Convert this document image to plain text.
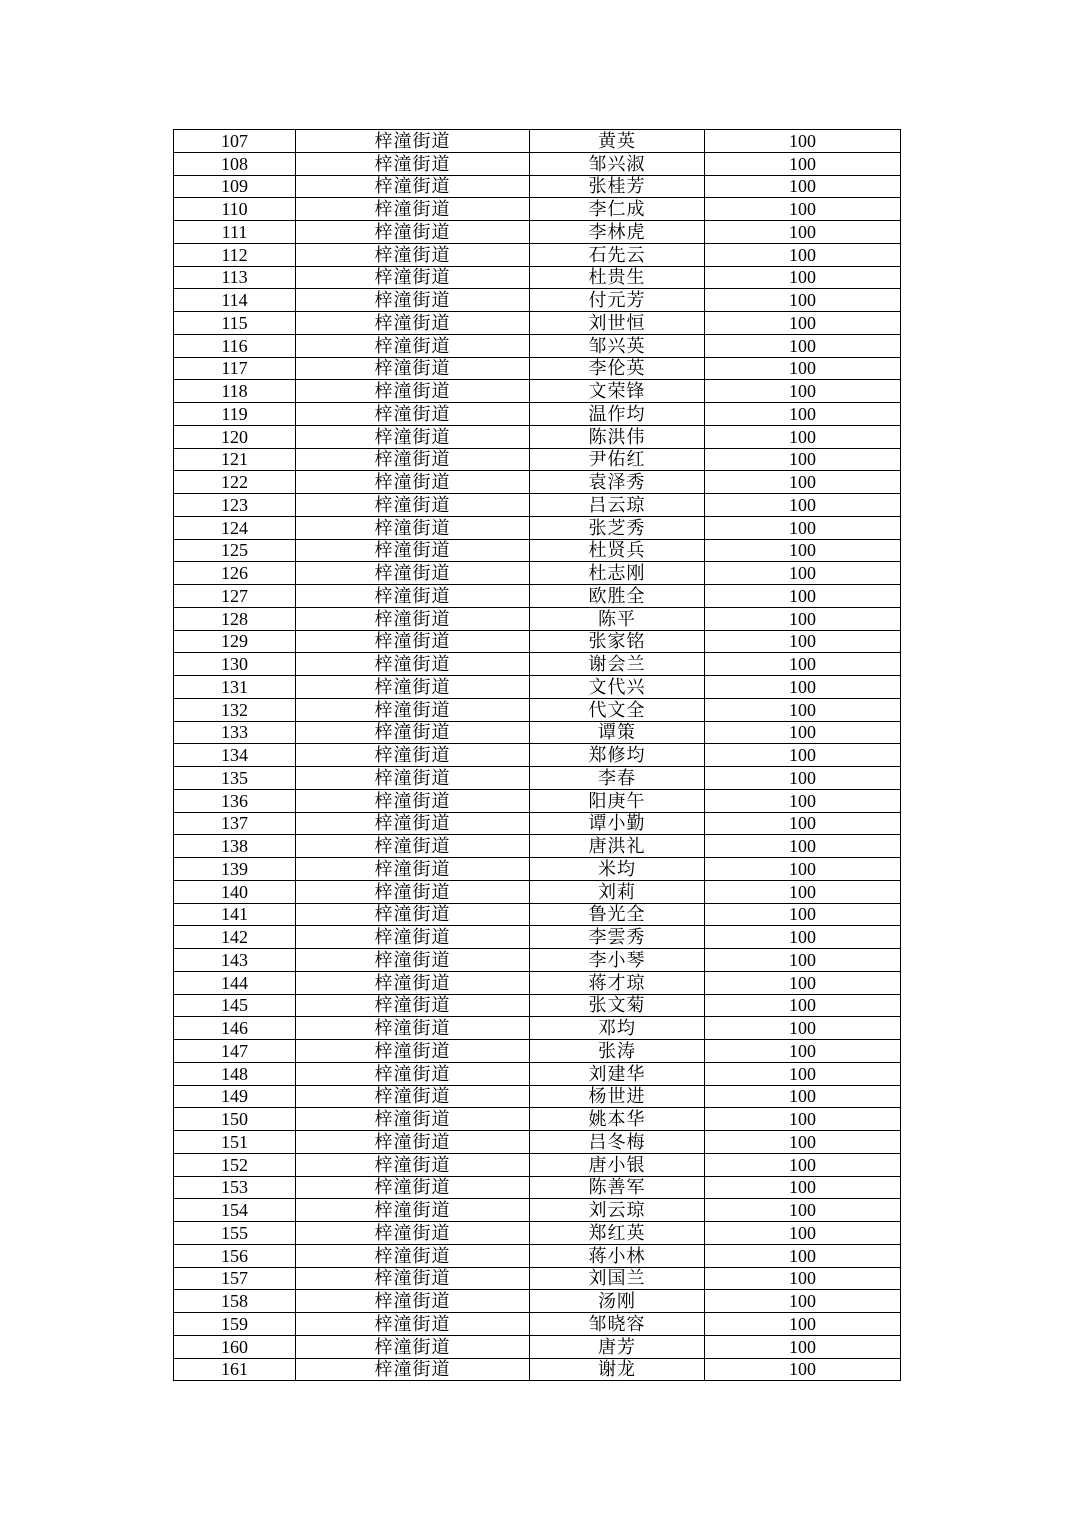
107	梓潼街道	黄英	100
108	梓潼街道	邹兴淑	100
109	梓潼街道	张桂芳	100
110	梓潼街道	李仁成	100
111	梓潼街道	李林虎	100
112	梓潼街道	石先云	100
113	梓潼街道	杜贵生	100
114	梓潼街道	付元芳	100
115	梓潼街道	刘世恒	100
116	梓潼街道	邹兴英	100
117	梓潼街道	李伦英	100
118	梓潼街道	文荣锋	100
119	梓潼街道	温作均	100
120	梓潼街道	陈洪伟	100
121	梓潼街道	尹佑红	100
122	梓潼街道	袁泽秀	100
123	梓潼街道	吕云琼	100
124	梓潼街道	张芝秀	100
125	梓潼街道	杜贤兵	100
126	梓潼街道	杜志刚	100
127	梓潼街道	欧胜全	100
128	梓潼街道	陈平	100
129	梓潼街道	张家铭	100
130	梓潼街道	谢会兰	100
131	梓潼街道	文代兴	100
132	梓潼街道	代文全	100
133	梓潼街道	谭策	100
134	梓潼街道	郑修均	100
135	梓潼街道	李春	100
136	梓潼街道	阳庚午	100
137	梓潼街道	谭小勤	100
138	梓潼街道	唐洪礼	100
139	梓潼街道	米均	100
140	梓潼街道	刘莉	100
141	梓潼街道	鲁光全	100
142	梓潼街道	李雲秀	100
143	梓潼街道	李小琴	100
144	梓潼街道	蒋才琼	100
145	梓潼街道	张文菊	100
146	梓潼街道	邓均	100
147	梓潼街道	张涛	100
148	梓潼街道	刘建华	100
149	梓潼街道	杨世进	100
150	梓潼街道	姚本华	100
151	梓潼街道	吕冬梅	100
152	梓潼街道	唐小银	100
153	梓潼街道	陈善军	100
154	梓潼街道	刘云琼	100
155	梓潼街道	郑红英	100
156	梓潼街道	蒋小林	100
157	梓潼街道	刘国兰	100
158	梓潼街道	汤刚	100
159	梓潼街道	邹晓容	100
160	梓潼街道	唐芳	100
161	梓潼街道	谢龙	100
